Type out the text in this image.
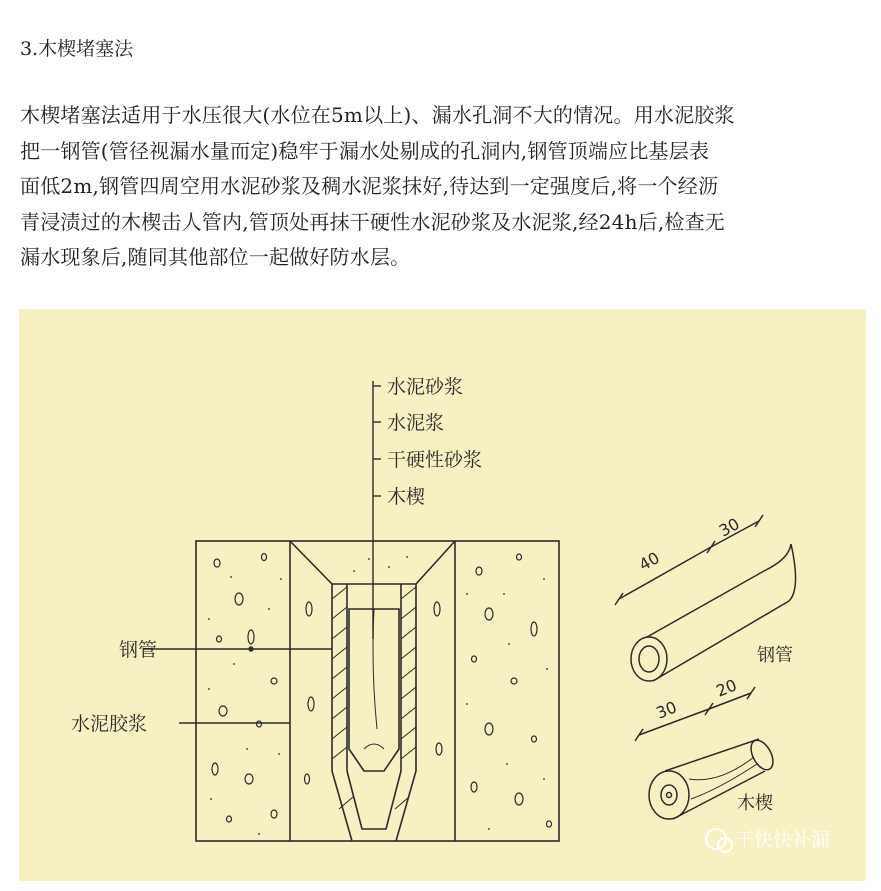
3.木楔堵塞法
木楔堵塞法适用于水压很大(水位在5m以上)、漏水孔洞不大的情况。用水泥胶浆
把一钢管(管径视漏水量而定)稳牢于漏水处剔成的孔洞内,钢管顶端应比基层表
面低2m,钢管四周空用水泥砂浆及稠水泥浆抹好,待达到一定强度后,将一个经沥
青浸渍过的木楔击人管内,管顶处再抹干硬性水泥砂浆及水泥浆,经24h后,检查无
漏水现象后,随同其他部位一起做好防水层。
水泥砂浆
水泥浆
干硬性砂浆
木楔
钢管
水泥胶浆
40
30
钢管
30
20
木楔
干快快补漏
